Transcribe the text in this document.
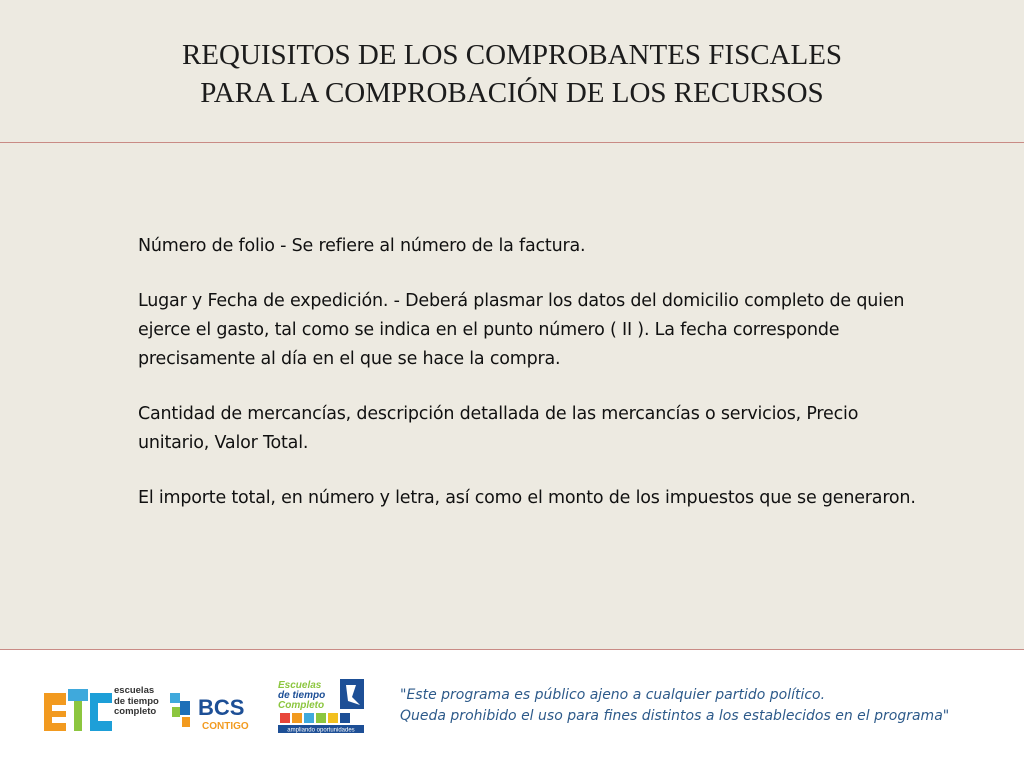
REQUISITOS DE LOS COMPROBANTES FISCALES
PARA LA COMPROBACIÓN DE LOS RECURSOS

Número de folio - Se refiere al número de la factura.

Lugar y Fecha de expedición. - Deberá plasmar los datos del domicilio completo de quien ejerce el gasto, tal como se indica en el punto número ( II ). La fecha corresponde precisamente al día en el que se hace la compra.

Cantidad de mercancías, descripción detallada de las mercancías o servicios, Precio unitario, Valor Total.

El importe total, en número y letra, así como el monto de los impuestos que se generaron.

escuelas
de tiempo
completo BCS
CONTIGO
Escuelas
de tiempo
Completo
ampliando oportunidades
"Este programa es público ajeno a cualquier partido político.
Queda prohibido el uso para fines distintos a los establecidos en el programa"
